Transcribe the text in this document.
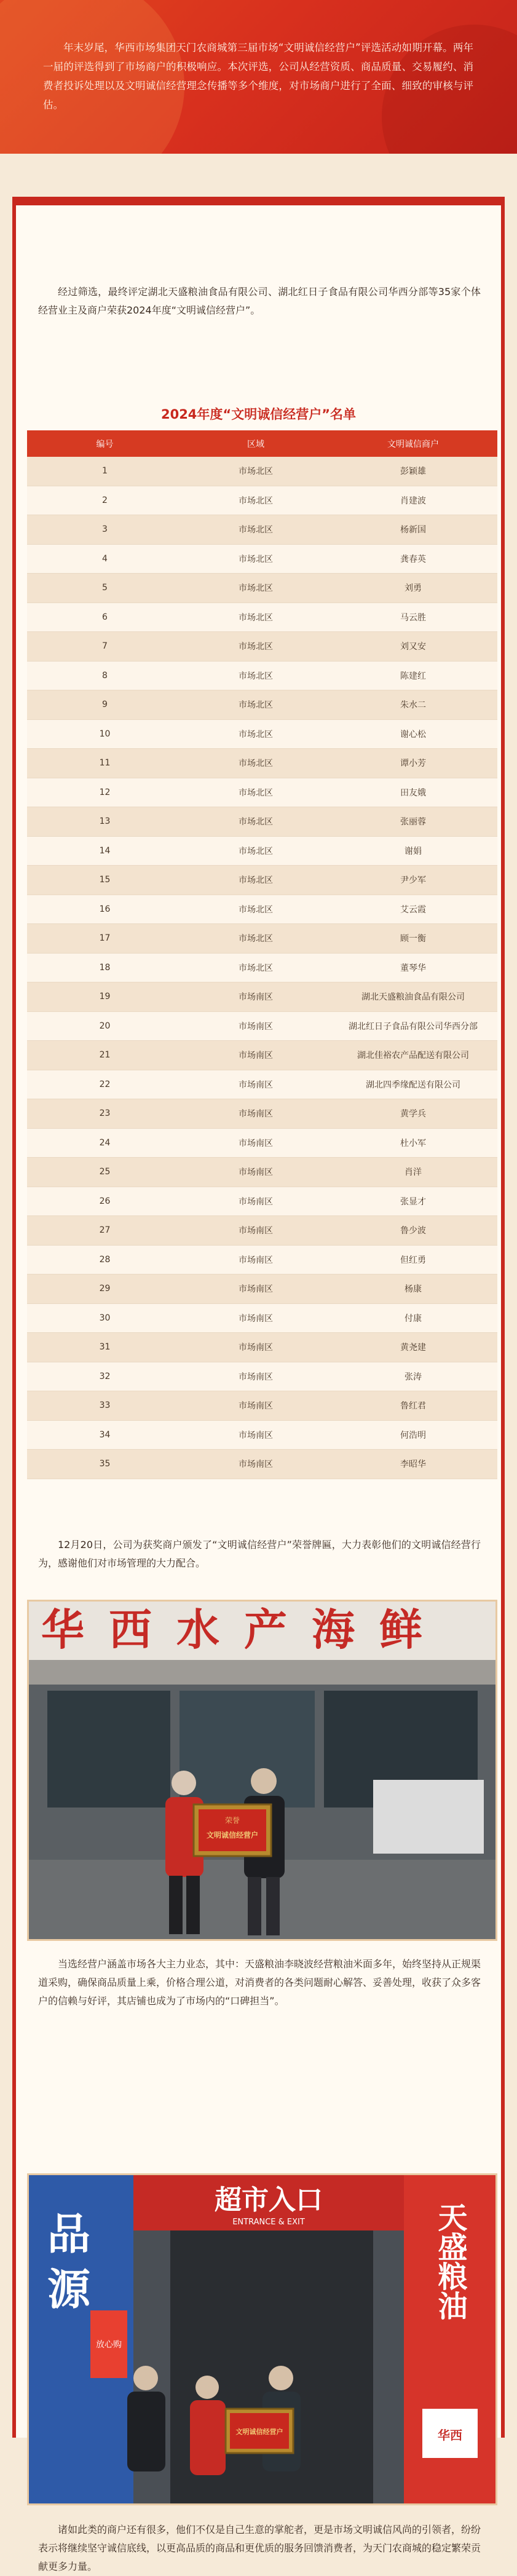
年末岁尾，华西市场集团天门农商城第三届市场“文明诚信经营户”评选活动如期开幕。两年一届的评选得到了市场商户的积极响应。本次评选，公司从经营资质、商品质量、交易履约、消费者投诉处理以及文明诚信经营理念传播等多个维度，对市场商户进行了全面、细致的审核与评估。

经过筛选，最终评定湖北天盛粮油食品有限公司、湖北红日子食品有限公司华西分部等35家个体经营业主及商户荣获2024年度“文明诚信经营户”。

2024年度“文明诚信经营户”名单
编号	区域	文明诚信商户
1	市场北区	彭颖雄
2	市场北区	肖建波
3	市场北区	杨新国
4	市场北区	龚春英
5	市场北区	刘勇
6	市场北区	马云胜
7	市场北区	刘又安
8	市场北区	陈建红
9	市场北区	朱水二
10	市场北区	谢心松
11	市场北区	谭小芳
12	市场北区	田友娥
13	市场北区	张丽蓉
14	市场北区	谢娟
15	市场北区	尹少军
16	市场北区	艾云霞
17	市场北区	顾一衡
18	市场北区	董琴华
19	市场南区	湖北天盛粮油食品有限公司
20	市场南区	湖北红日子食品有限公司华西分部
21	市场南区	湖北佳裕农产品配送有限公司
22	市场南区	湖北四季缘配送有限公司
23	市场南区	黄学兵
24	市场南区	杜小军
25	市场南区	肖洋
26	市场南区	张显才
27	市场南区	鲁少波
28	市场南区	但红勇
29	市场南区	杨康
30	市场南区	付康
31	市场南区	黄尧建
32	市场南区	张涛
33	市场南区	鲁红君
34	市场南区	何浩明
35	市场南区	李昭华

12月20日，公司为获奖商户颁发了“文明诚信经营户”荣誉牌匾，大力表彰他们的文明诚信经营行为，感谢他们对市场管理的大力配合。

华西水产海鲜
荣誉
文明诚信经营户

当选经营户涵盖市场各大主力业态，其中：天盛粮油李晓波经营粮油米面多年，始终坚持从正规渠道采购，确保商品质量上乘，价格合理公道，对消费者的各类问题耐心解答、妥善处理，收获了众多客户的信赖与好评，其店铺也成为了市场内的“口碑担当”。

品
源
放心购
超市入口
ENTRANCE & EXIT	天盛粮油
华西
文明诚信经营户

诸如此类的商户还有很多，他们不仅是自己生意的掌舵者，更是市场文明诚信风尚的引领者，纷纷表示将继续坚守诚信底线，以更高品质的商品和更优质的服务回馈消费者，为天门农商城的稳定繁荣贡献更多力量。
